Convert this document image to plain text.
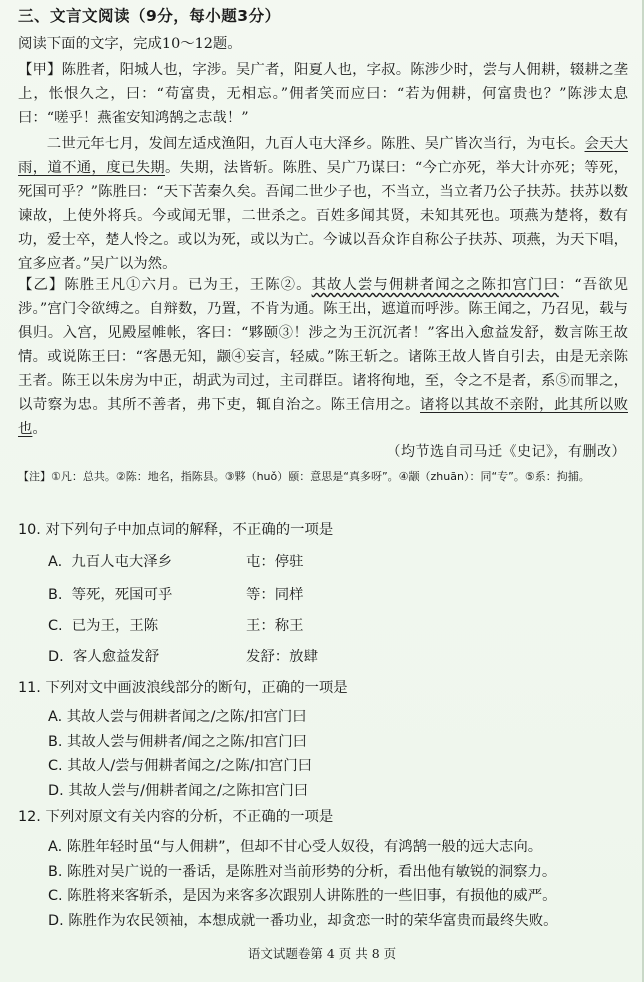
三、文言文阅读（9分，每小题3分）
阅读下面的文字，完成10～12题。
【甲】陈胜者，阳城人也，字涉。吴广者，阳夏人也，字叔。陈涉少时，尝与人佣耕，辍耕之垄上，怅恨久之，曰：“苟富贵，无相忘。”佣者笑而应曰：“若为佣耕，何富贵也？”陈涉太息曰：“嗟乎！燕雀安知鸿鹄之志哉！”
二世元年七月，发闾左适戍渔阳，九百人屯大泽乡。陈胜、吴广皆次当行，为屯长。会天大雨，道不通，度已失期。失期，法皆斩。陈胜、吴广乃谋曰：“今亡亦死，举大计亦死；等死，死国可乎？”陈胜曰：“天下苦秦久矣。吾闻二世少子也，不当立，当立者乃公子扶苏。扶苏以数谏故，上使外将兵。今或闻无罪，二世杀之。百姓多闻其贤，未知其死也。项燕为楚将，数有功，爱士卒，楚人怜之。或以为死，或以为亡。今诚以吾众诈自称公子扶苏、项燕，为天下唱，宜多应者。”吴广以为然。
【乙】陈胜王凡①六月。已为王，王陈②。其故人尝与佣耕者闻之之陈扣宫门曰：“吾欲见涉。”宫门令欲缚之。自辩数，乃置，不肯为通。陈王出，遮道而呼涉。陈王闻之，乃召见，载与俱归。入宫，见殿屋帷帐，客曰：“夥颐③！涉之为王沉沉者！”客出入愈益发舒，数言陈王故情。或说陈王曰：“客愚无知，颛④妄言，轻威。”陈王斩之。诸陈王故人皆自引去，由是无亲陈王者。陈王以朱房为中正，胡武为司过，主司群臣。诸将徇地，至，令之不是者，系⑤而罪之，以苛察为忠。其所不善者，弗下吏，辄自治之。陈王信用之。诸将以其故不亲附，此其所以败也。
（均节选自司马迁《史记》，有删改）
【注】①凡：总共。②陈：地名，指陈县。③夥（huǒ）颐：意思是“真多呀”。④颛（zhuān）：同“专”。⑤系：拘捕。
10. 对下列句子中加点词的解释，不正确的一项是
A. 九百人屯大泽乡	屯：停驻
B. 等死，死国可乎	等：同样
C. 已为王，王陈	王：称王
D. 客人愈益发舒	发舒：放肆
11. 下列对文中画波浪线部分的断句，正确的一项是
A. 其故人尝与佣耕者闻之/之陈/扣宫门曰
B. 其故人尝与佣耕者/闻之之陈/扣宫门曰
C. 其故人/尝与佣耕者闻之/之陈/扣宫门曰
D. 其故人尝与/佣耕者闻之/之陈扣宫门曰
12. 下列对原文有关内容的分析，不正确的一项是
A. 陈胜年轻时虽“与人佣耕”，但却不甘心受人奴役，有鸿鹄一般的远大志向。
B. 陈胜对吴广说的一番话，是陈胜对当前形势的分析，看出他有敏锐的洞察力。
C. 陈胜将来客斩杀，是因为来客多次跟别人讲陈胜的一些旧事，有损他的威严。
D. 陈胜作为农民领袖，本想成就一番功业，却贪恋一时的荣华富贵而最终失败。
语文试题卷第 4 页 共 8 页
